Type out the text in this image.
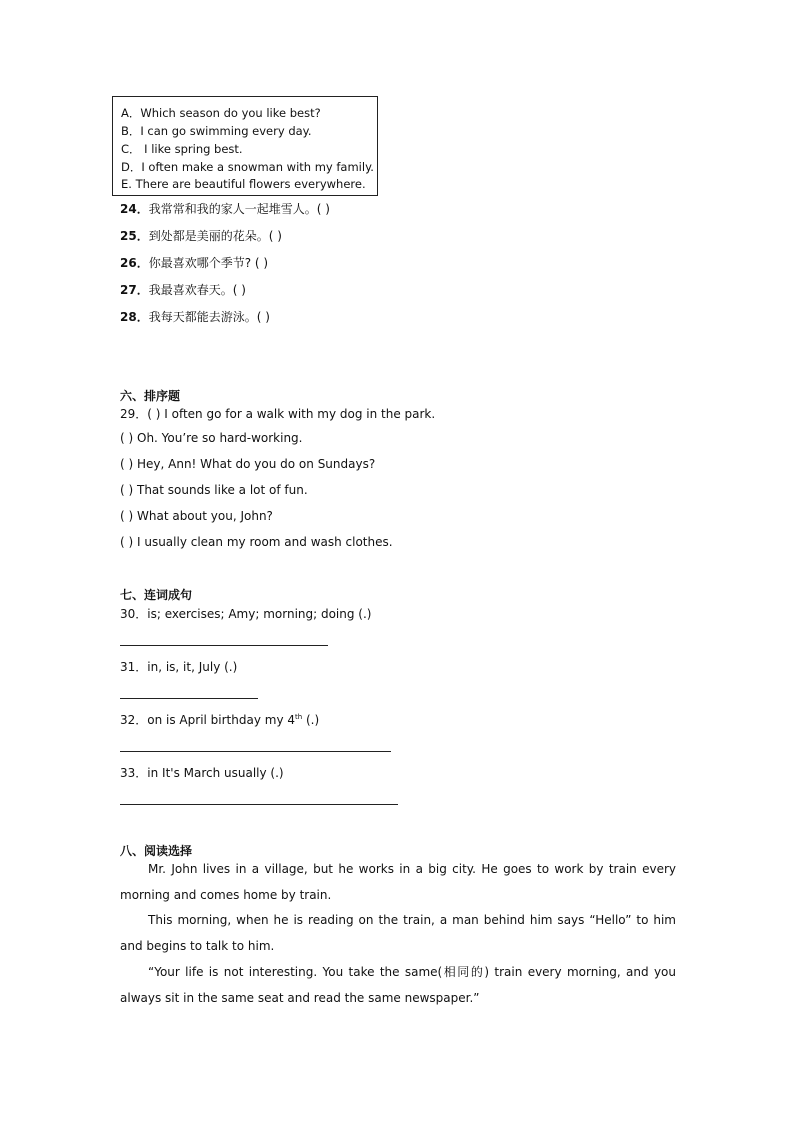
A．Which season do you like best?
B．I can go swimming every day.
C． I like spring best.
D．I often make a snowman with my family.
E. There are beautiful flowers everywhere.
24．我常常和我的家人一起堆雪人。( )
25．到处都是美丽的花朵。( )
26．你最喜欢哪个季节? ( )
27．我最喜欢春天。( )
28．我每天都能去游泳。( )
六、排序题
29．( ) I often go for a walk with my dog in the park.
( ) Oh. You’re so hard-working.
( ) Hey, Ann! What do you do on Sundays?
( ) That sounds like a lot of fun.
( ) What about you, John?
( ) I usually clean my room and wash clothes.
七、连词成句
30．is; exercises; Amy; morning; doing (.)
31．in, is, it, July (.)
32．on is April birthday my 4th (.)
33．in It's March usually (.)
八、阅读选择
Mr. John lives in a village, but he works in a big city. He goes to work by train every morning and comes home by train.
This morning, when he is reading on the train, a man behind him says “Hello” to him and begins to talk to him.
“Your life is not interesting. You take the same(相同的) train every morning, and you always sit in the same seat and read the same newspaper.”
